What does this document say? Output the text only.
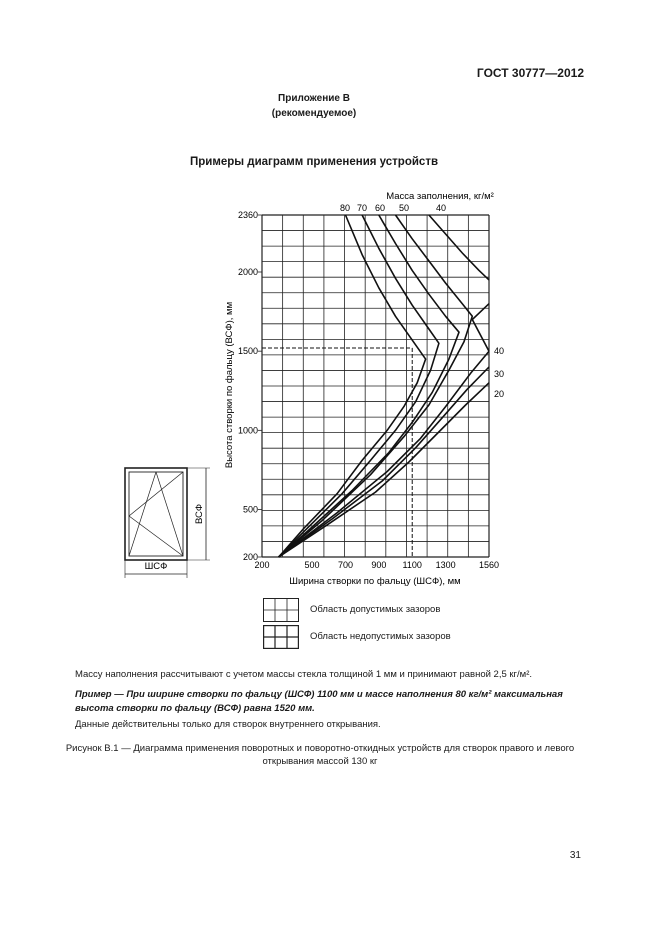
ГОСТ 30777—2012
Приложение В
(рекомендуемое)
Примеры диаграмм применения устройств
200	500 700 900 1100 1300	1560
200
500
1000
1500
2000
2360
80 70 60 50	40
40
30
20
Масса заполнения, кг/м²
Ширина створки по фальцу (ШСФ), мм
Высота створки по фальцу (ВСФ), мм
ШСФ
ВСФ
Область допустимых зазоров
Область недопустимых зазоров
Массу наполнения рассчитывают с учетом массы стекла толщиной 1 мм и принимают равной 2,5 кг/м².
Пример — При ширине створки по фальцу (ШСФ) 1100 мм и массе наполнения 80 кг/м² максимальная высота створки по фальцу (ВСФ) равна 1520 мм.
Данные действительны только для створок внутреннего открывания.
Рисунок В.1 — Диаграмма применения поворотных и поворотно-откидных устройств для створок правого и левого открывания массой 130 кг
31
